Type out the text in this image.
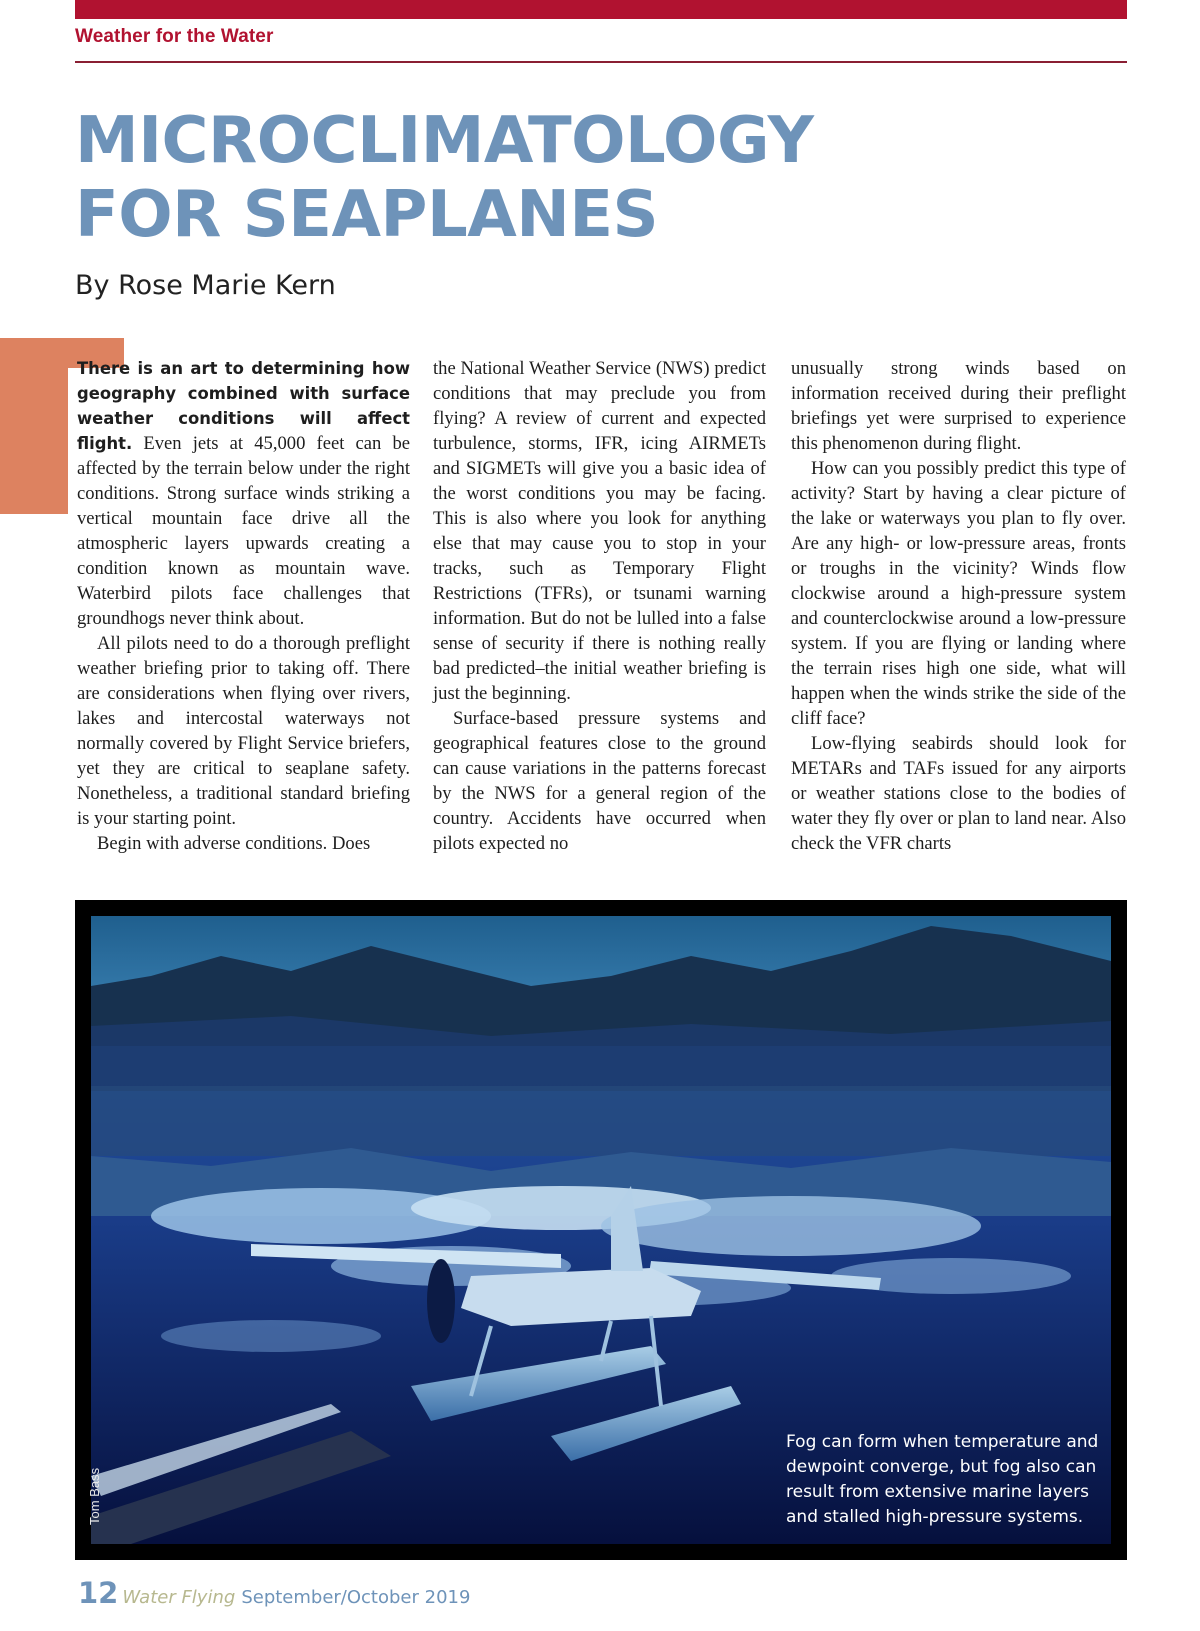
Weather for the Water
MICROCLIMATOLOGY
FOR SEAPLANES
By Rose Marie Kern

There is an art to determining how geography combined with surface weather conditions will affect flight. Even jets at 45,000 feet can be affected by the terrain below under the right conditions. Strong surface winds striking a vertical mountain face drive all the atmospheric layers upwards creating a condition known as mountain wave. Waterbird pilots face challenges that groundhogs never think about.

All pilots need to do a thorough preflight weather briefing prior to taking off. There are considerations when flying over rivers, lakes and intercostal waterways not normally covered by Flight Service briefers, yet they are critical to seaplane safety. Nonetheless, a traditional standard briefing is your starting point.

Begin with adverse conditions. Does

the National Weather Service (NWS) predict conditions that may preclude you from flying? A review of current and expected turbulence, storms, IFR, icing AIRMETs and SIGMETs will give you a basic idea of the worst conditions you may be facing. This is also where you look for anything else that may cause you to stop in your tracks, such as Temporary Flight Restrictions (TFRs), or tsunami warning information. But do not be lulled into a false sense of security if there is nothing really bad predicted–the initial weather briefing is just the beginning.

Surface-based pressure systems and geographical features close to the ground can cause variations in the patterns forecast by the NWS for a general region of the country. Accidents have occurred when pilots expected no

unusually strong winds based on information received during their preflight briefings yet were surprised to experience this phenomenon during flight.

How can you possibly predict this type of activity? Start by having a clear picture of the lake or waterways you plan to fly over. Are any high- or low-pressure areas, fronts or troughs in the vicinity? Winds flow clockwise around a high-pressure system and counterclockwise around a low-pressure system. If you are flying or landing where the terrain rises high one side, what will happen when the winds strike the side of the cliff face?

Low-flying seabirds should look for METARs and TAFs issued for any airports or weather stations close to the bodies of water they fly over or plan to land near. Also check the VFR charts

Tom Bass
Fog can form when temperature and dewpoint converge, but fog also can result from extensive marine layers and stalled high-pressure systems.
12 Water Flying September/October 2019
